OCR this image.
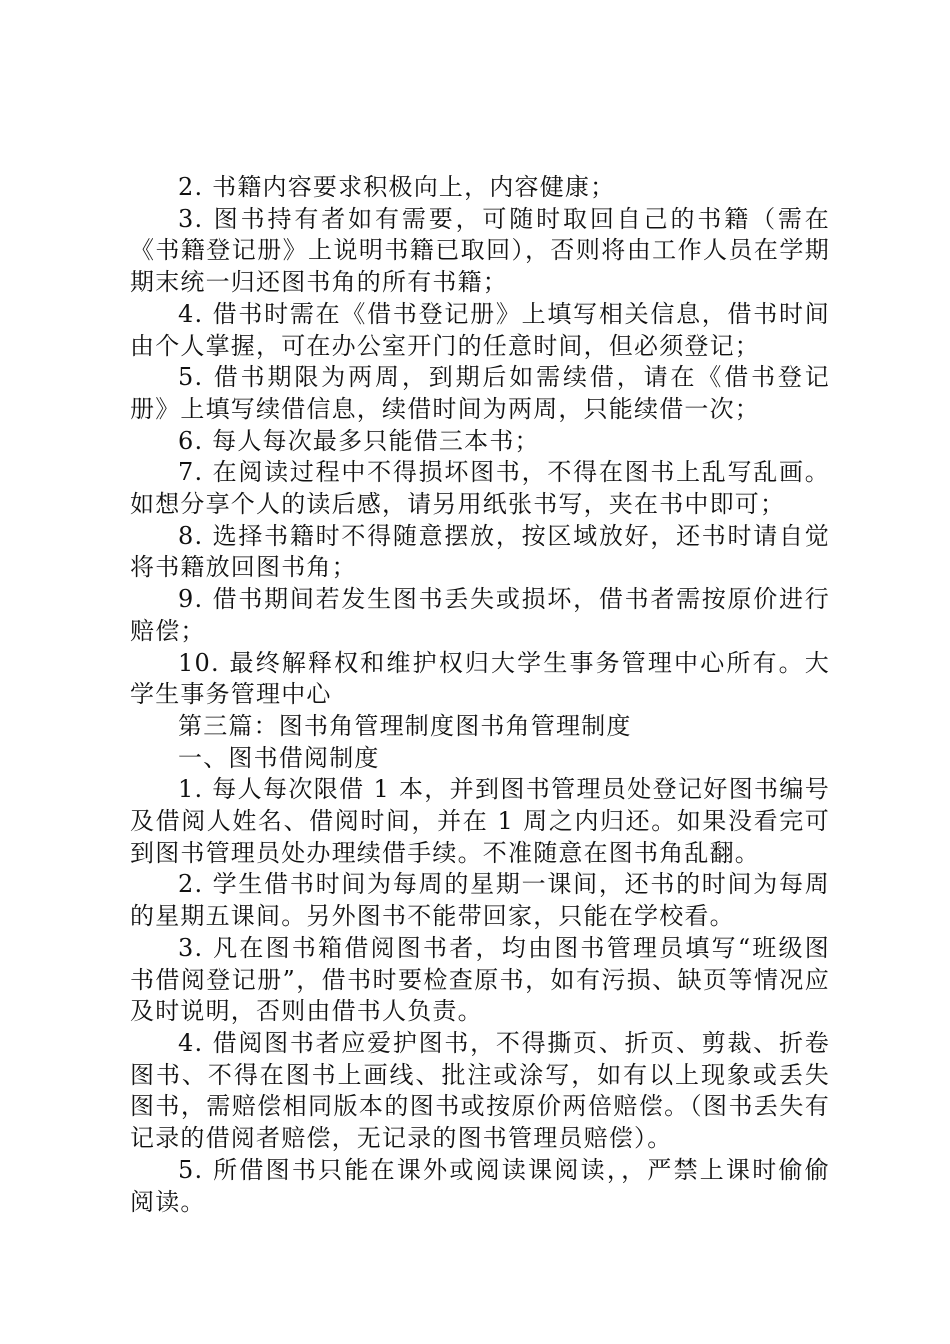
2. 书籍内容要求积极向上，内容健康；

3. 图书持有者如有需要，可随时取回自己的书籍（需在《书籍登记册》上说明书籍已取回），否则将由工作人员在学期期末统一归还图书角的所有书籍；

4. 借书时需在《借书登记册》上填写相关信息，借书时间由个人掌握，可在办公室开门的任意时间，但必须登记；

5. 借书期限为两周，到期后如需续借，请在《借书登记册》上填写续借信息，续借时间为两周，只能续借一次；

6. 每人每次最多只能借三本书；

7. 在阅读过程中不得损坏图书，不得在图书上乱写乱画。如想分享个人的读后感，请另用纸张书写，夹在书中即可；

8. 选择书籍时不得随意摆放，按区域放好，还书时请自觉将书籍放回图书角；

9. 借书期间若发生图书丢失或损坏，借书者需按原价进行赔偿；

10. 最终解释权和维护权归大学生事务管理中心所有。大学生事务管理中心

第三篇：图书角管理制度图书角管理制度

一、图书借阅制度

1. 每人每次限借 1 本，并到图书管理员处登记好图书编号及借阅人姓名、借阅时间，并在 1 周之内归还。如果没看完可到图书管理员处办理续借手续。不准随意在图书角乱翻。

2. 学生借书时间为每周的星期一课间，还书的时间为每周的星期五课间。另外图书不能带回家，只能在学校看。

3. 凡在图书箱借阅图书者，均由图书管理员填写“班级图书借阅登记册”，借书时要检查原书，如有污损、缺页等情况应及时说明，否则由借书人负责。

4. 借阅图书者应爱护图书，不得撕页、折页、剪裁、折卷图书、不得在图书上画线、批注或涂写，如有以上现象或丢失图书，需赔偿相同版本的图书或按原价两倍赔偿。（图书丢失有记录的借阅者赔偿，无记录的图书管理员赔偿）。

5. 所借图书只能在课外或阅读课阅读，，严禁上课时偷偷阅读。
